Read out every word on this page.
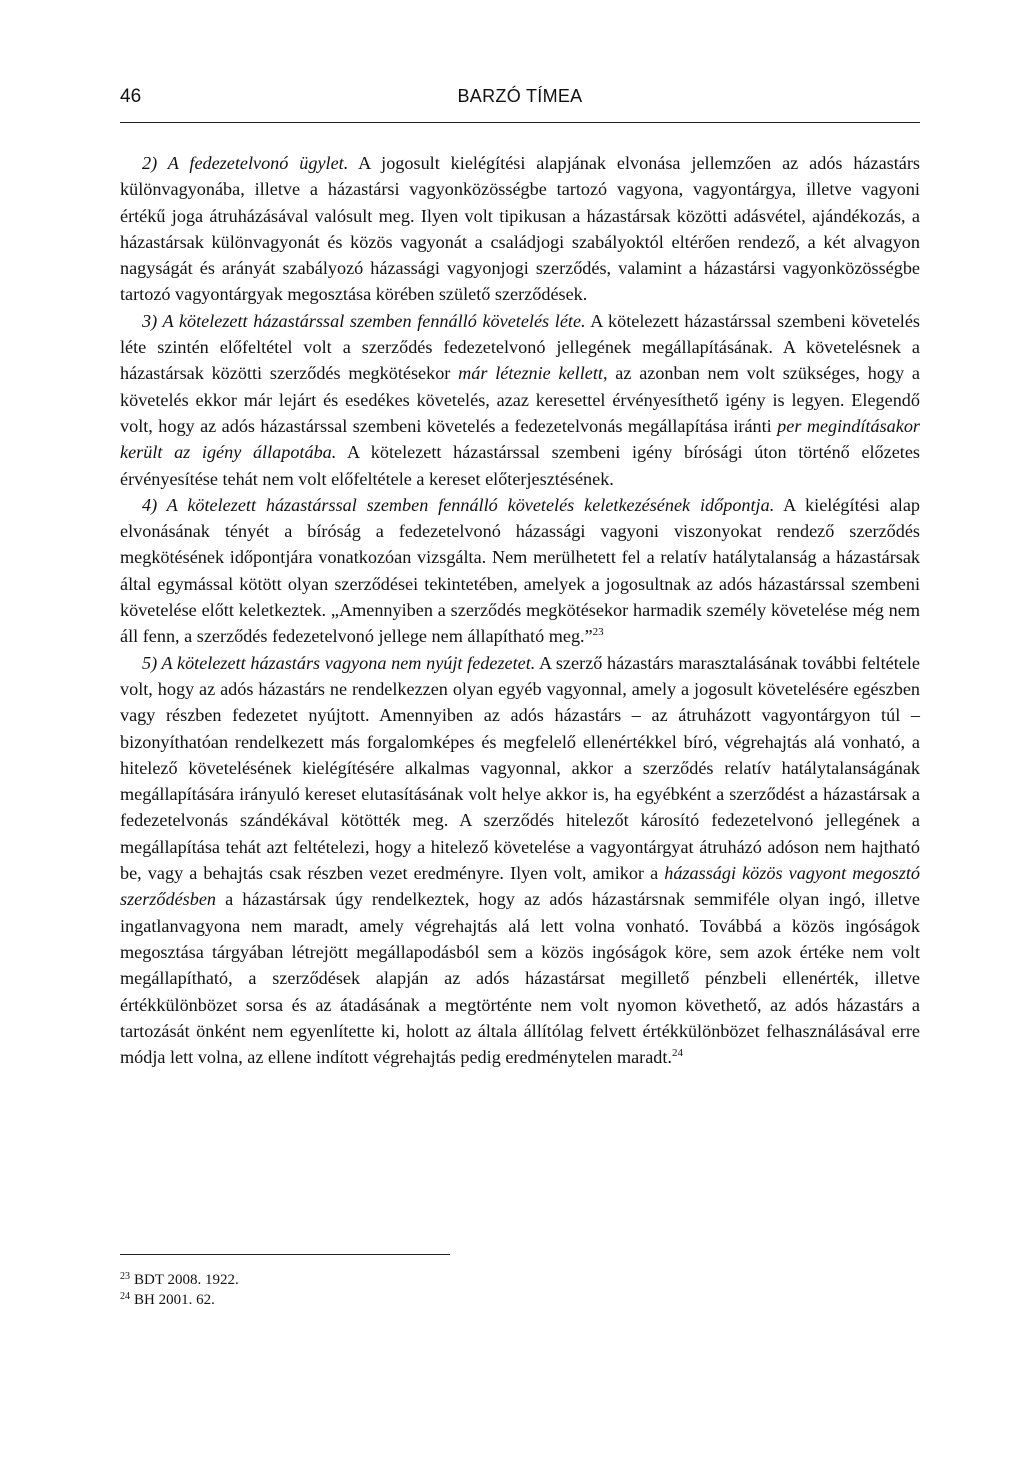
46	BARZÓ TÍMEA

2) A fedezetelvonó ügylet. A jogosult kielégítési alapjának elvonása jellemzően az adós házastárs különvagyonába, illetve a házastársi vagyonközösségbe tartozó vagyona, vagyontárgya, illetve vagyoni értékű joga átruházásával valósult meg. Ilyen volt tipikusan a házastársak közötti adásvétel, ajándékozás, a házastársak különvagyonát és közös vagyonát a családjogi szabályoktól eltérően rendező, a két alvagyon nagyságát és arányát szabályozó házassági vagyonjogi szerződés, valamint a házastársi vagyonközösségbe tartozó vagyontárgyak megosztása körében születő szerződések.

3) A kötelezett házastárssal szemben fennálló követelés léte. A kötelezett házastárssal szembeni követelés léte szintén előfeltétel volt a szerződés fedezetelvonó jellegének megállapításának. A követelésnek a házastársak közötti szerződés megkötésekor már léteznie kellett, az azonban nem volt szükséges, hogy a követelés ekkor már lejárt és esedékes követelés, azaz keresettel érvényesíthető igény is legyen. Elegendő volt, hogy az adós házastárssal szembeni követelés a fedezetelvonás megállapítása iránti per megindításakor került az igény állapotába. A kötelezett házastárssal szembeni igény bírósági úton történő előzetes érvényesítése tehát nem volt előfeltétele a kereset előterjesztésének.

4) A kötelezett házastárssal szemben fennálló követelés keletkezésének időpontja. A kielégítési alap elvonásának tényét a bíróság a fedezetelvonó házassági vagyoni viszonyokat rendező szerződés megkötésének időpontjára vonatkozóan vizsgálta. Nem merülhetett fel a relatív hatálytalanság a házastársak által egymással kötött olyan szerződései tekintetében, amelyek a jogosultnak az adós házastárssal szembeni követelése előtt keletkeztek. „Amennyiben a szerződés megkötésekor harmadik személy követelése még nem áll fenn, a szerződés fedezetelvonó jellege nem állapítható meg.”$^{23}$

5) A kötelezett házastárs vagyona nem nyújt fedezetet. A szerző házastárs marasztalásának további feltétele volt, hogy az adós házastárs ne rendelkezzen olyan egyéb vagyonnal, amely a jogosult követelésére egészben vagy részben fedezetet nyújtott. Amennyiben az adós házastárs – az átruházott vagyontárgyon túl – bizonyíthatóan rendelkezett más forgalomképes és megfelelő ellenértékkel bíró, végrehajtás alá vonható, a hitelező követelésének kielégítésére alkalmas vagyonnal, akkor a szerződés relatív hatálytalanságának megállapítására irányuló kereset elutasításának volt helye akkor is, ha egyébként a szerződést a házastársak a fedezetelvonás szándékával kötötték meg. A szerződés hitelezőt károsító fedezetelvonó jellegének a megállapítása tehát azt feltételezi, hogy a hitelező követelése a vagyontárgyat átruházó adóson nem hajtható be, vagy a behajtás csak részben vezet eredményre. Ilyen volt, amikor a házassági közös vagyont megosztó szerződésben a házastársak úgy rendelkeztek, hogy az adós házastársnak semmiféle olyan ingó, illetve ingatlanvagyona nem maradt, amely végrehajtás alá lett volna vonható. Továbbá a közös ingóságok megosztása tárgyában létrejött megállapodásból sem a közös ingóságok köre, sem azok értéke nem volt megállapítható, a szerződések alapján az adós házastársat megillető pénzbeli ellenérték, illetve értékkülönbözet sorsa és az átadásának a megtörténte nem volt nyomon követhető, az adós házastárs a tartozását önként nem egyenlítette ki, holott az általa állítólag felvett értékkülönbözet felhasználásával erre módja lett volna, az ellene indított végrehajtás pedig eredménytelen maradt.$^{24}$

$^{23}$ BDT 2008. 1922.
$^{24}$ BH 2001. 62.
